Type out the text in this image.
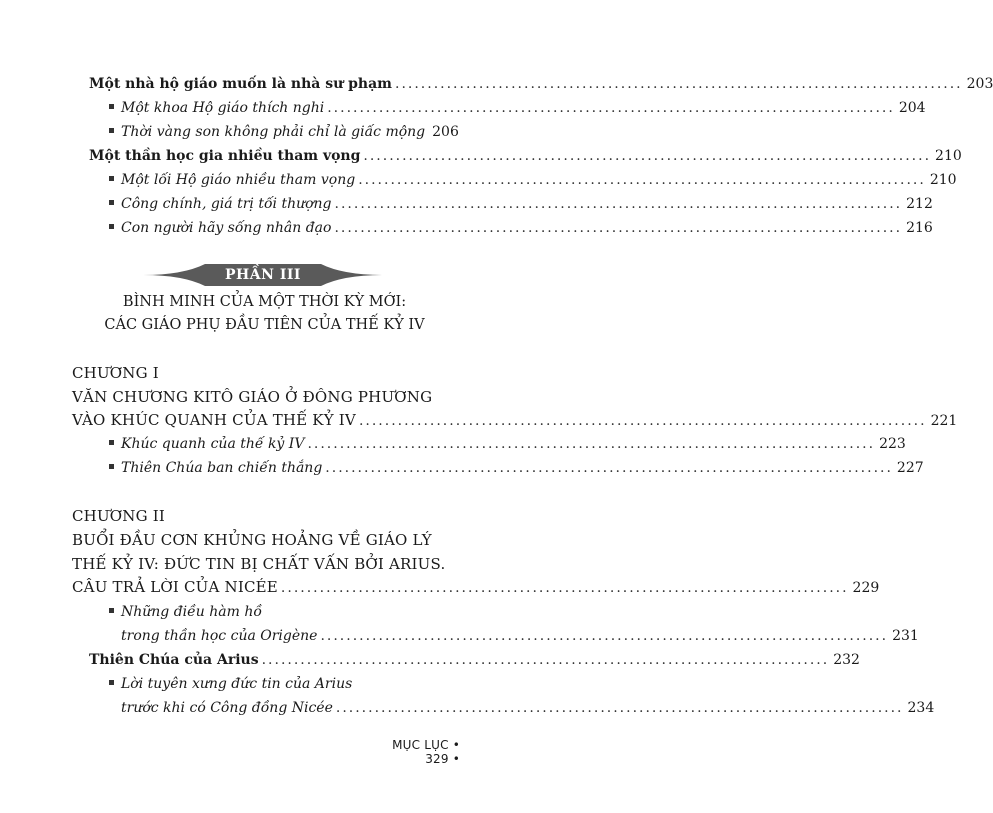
Một nhà hộ giáo muốn là nhà sư phạm ........................................................................................ 203
Một khoa Hộ giáo thích nghi ........................................................................................ 204
Thời vàng son không phải chỉ là giấc mộng 206
Một thần học gia nhiều tham vọng ........................................................................................ 210
Một lối Hộ giáo nhiều tham vọng ........................................................................................ 210
Công chính, giá trị tối thượng ........................................................................................ 212
Con người hãy sống nhân đạo ........................................................................................ 216
PHẦN III
BÌNH MINH CỦA MỘT THỜI KỲ MỚI:
CÁC GIÁO PHỤ ĐẦU TIÊN CỦA THẾ KỶ IV
CHƯƠNG I
VĂN CHƯƠNG KITÔ GIÁO Ở ĐÔNG PHƯƠNG
VÀO KHÚC QUANH CỦA THẾ KỶ IV ........................................................................................ 221
Khúc quanh của thế kỷ IV ........................................................................................ 223
Thiên Chúa ban chiến thắng ........................................................................................ 227
CHƯƠNG II
BUỔI ĐẦU CƠN KHỦNG HOẢNG VỀ GIÁO LÝ
THẾ KỶ IV: ĐỨC TIN BỊ CHẤT VẤN BỞI ARIUS.
CÂU TRẢ LỜI CỦA NICÉE ........................................................................................ 229
Những điều hàm hồ
trong thần học của Origène ........................................................................................ 231
Thiên Chúa của Arius ........................................................................................ 232
Lời tuyên xưng đức tin của Arius
trước khi có Công đồng Nicée ........................................................................................ 234
MỤC LỤC • 329 •
